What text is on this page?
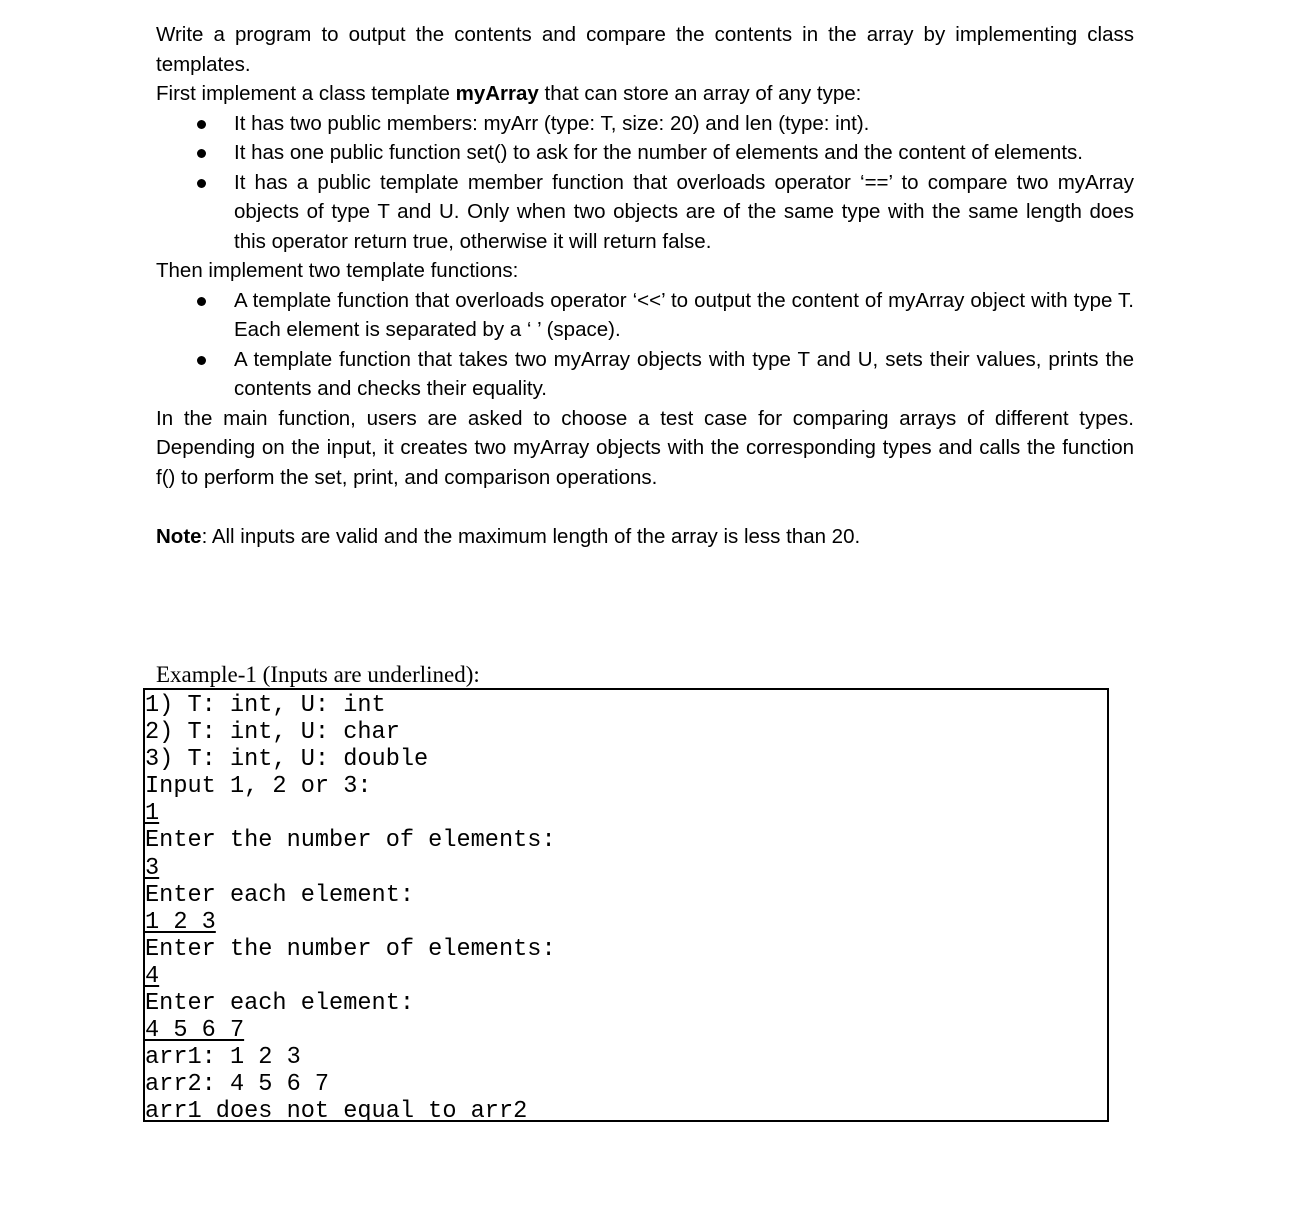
Write a program to output the contents and compare the contents in the array by implementing class templates.

First implement a class template myArray that can store an array of any type:

It has two public members: myArr (type: T, size: 20) and len (type: int).
It has one public function set() to ask for the number of elements and the content of elements.
It has a public template member function that overloads operator ‘==’ to compare two myArray objects of type T and U. Only when two objects are of the same type with the same length does this operator return true, otherwise it will return false.

Then implement two template functions:

A template function that overloads operator ‘<<’ to output the content of myArray object with type T. Each element is separated by a ‘ ’ (space).
A template function that takes two myArray objects with type T and U, sets their values, prints the contents and checks their equality.

In the main function, users are asked to choose a test case for comparing arrays of different types. Depending on the input, it creates two myArray objects with the corresponding types and calls the function f() to perform the set, print, and comparison operations.

Note: All inputs are valid and the maximum length of the array is less than 20.

Example-1 (Inputs are underlined):
1) T: int, U: int
2) T: int, U: char
3) T: int, U: double
Input 1, 2 or 3:
1
Enter the number of elements:
3
Enter each element:
1 2 3
Enter the number of elements:
4
Enter each element:
4 5 6 7
arr1: 1 2 3
arr2: 4 5 6 7
arr1 does not equal to arr2
